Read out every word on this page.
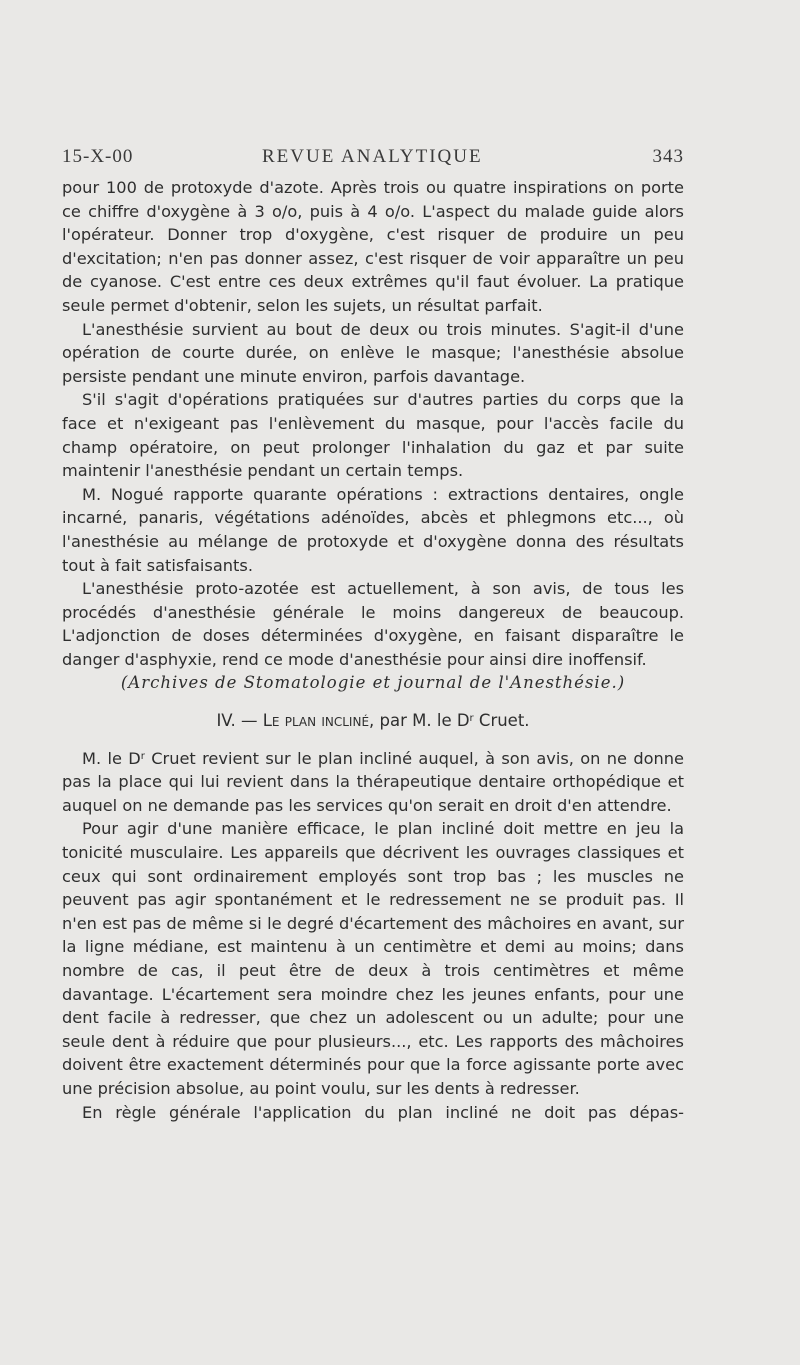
15-X-00	REVUE ANALYTIQUE	343

pour 100 de protoxyde d'azote. Après trois ou quatre inspirations on porte ce chiffre d'oxygène à 3 o/o, puis à 4 o/o. L'aspect du malade guide alors l'opérateur. Donner trop d'oxygène, c'est risquer de produire un peu d'excitation; n'en pas donner assez, c'est risquer de voir apparaître un peu de cyanose. C'est entre ces deux extrêmes qu'il faut évoluer. La pratique seule permet d'obtenir, selon les sujets, un résultat parfait.

L'anesthésie survient au bout de deux ou trois minutes. S'agit-il d'une opération de courte durée, on enlève le masque; l'anesthésie absolue persiste pendant une minute environ, parfois davantage.

S'il s'agit d'opérations pratiquées sur d'autres parties du corps que la face et n'exigeant pas l'enlèvement du masque, pour l'accès facile du champ opératoire, on peut prolonger l'inhalation du gaz et par suite maintenir l'anesthésie pendant un certain temps.

M. Nogué rapporte quarante opérations : extractions dentaires, ongle incarné, panaris, végétations adénoïdes, abcès et phlegmons etc..., où l'anesthésie au mélange de protoxyde et d'oxygène donna des résultats tout à fait satisfaisants.

L'anesthésie proto-azotée est actuellement, à son avis, de tous les procédés d'anesthésie générale le moins dangereux de beaucoup. L'adjonction de doses déterminées d'oxygène, en faisant disparaître le danger d'asphyxie, rend ce mode d'anesthésie pour ainsi dire inoffensif.

(Archives de Stomatologie et journal de l'Anesthésie.)

IV. — Le plan incliné, par M. le $D^r$ Cruet.

M. le $D^r$ Cruet revient sur le plan incliné auquel, à son avis, on ne donne pas la place qui lui revient dans la thérapeutique dentaire orthopédique et auquel on ne demande pas les services qu'on serait en droit d'en attendre.

Pour agir d'une manière efficace, le plan incliné doit mettre en jeu la tonicité musculaire. Les appareils que décrivent les ouvrages classiques et ceux qui sont ordinairement employés sont trop bas ; les muscles ne peuvent pas agir spontanément et le redressement ne se produit pas. Il n'en est pas de même si le degré d'écartement des mâchoires en avant, sur la ligne médiane, est maintenu à un centimètre et demi au moins; dans nombre de cas, il peut être de deux à trois centimètres et même davantage. L'écartement sera moindre chez les jeunes enfants, pour une dent facile à redresser, que chez un adolescent ou un adulte; pour une seule dent à réduire que pour plusieurs..., etc. Les rapports des mâchoires doivent être exactement déterminés pour que la force agissante porte avec une précision absolue, au point voulu, sur les dents à redresser.

En règle générale l'application du plan incliné ne doit pas dépas-
